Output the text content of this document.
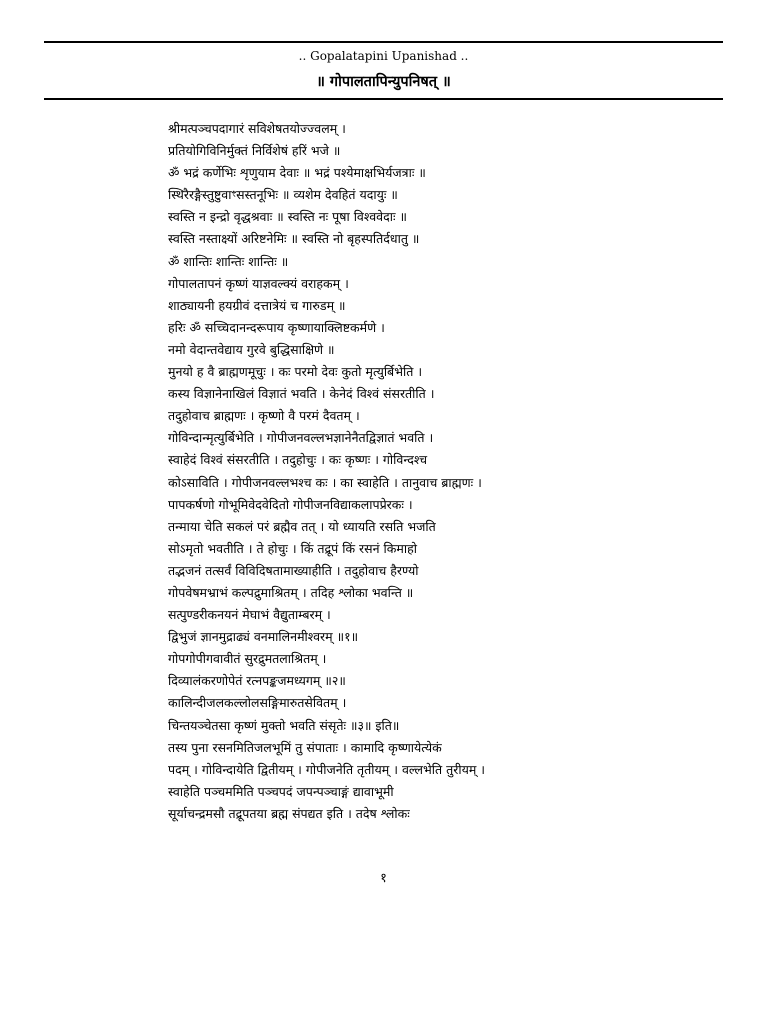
.. Gopalatapini Upanishad ..
॥ गोपालतापिन्युपनिषत् ॥
श्रीमत्पञ्चपदागारं सविशेषतयोज्ज्वलम् ।
प्रतियोगिविनिर्मुक्तं निर्विशेषं हरिं भजे ॥
ॐ भद्रं कर्णेभिः शृणुयाम देवाः ॥ भद्रं पश्येमाक्षभिर्यजत्राः ॥
स्थिरैरङ्गैस्तुष्टुवाꣳसस्तनूभिः ॥ व्यशेम देवहितं यदायुः ॥
स्वस्ति न इन्द्रो वृद्धश्रवाः ॥ स्वस्ति नः पूषा विश्ववेदाः ॥
स्वस्ति नस्ताक्ष्यों अरिष्टनेमिः ॥ स्वस्ति नो बृहस्पतिर्दधातु ॥
ॐ शान्तिः शान्तिः शान्तिः ॥
गोपालतापनं कृष्णं याज्ञवल्क्यं वराहकम् ।
शाठ्यायनी हयग्रीवं दत्तात्रेयं च गारुडम् ॥
हरिः ॐ सच्चिदानन्दरूपाय कृष्णायाक्लिष्टकर्मणे ।
नमो वेदान्तवेद्याय गुरवे बुद्धिसाक्षिणे ॥
मुनयो ह वै ब्राह्मणमूचुः । कः परमो देवः कुतो मृत्युर्बिभेति ।
कस्य विज्ञानेनाखिलं विज्ञातं भवति । केनेदं विश्वं संसरतीति ।
तदुहोवाच ब्राह्मणः । कृष्णो वै परमं दैवतम् ।
गोविन्दान्मृत्युर्बिभेति । गोपीजनवल्लभज्ञानेनैतद्विज्ञातं भवति ।
स्वाहेदं विश्वं संसरतीति । तदुहोचुः । कः कृष्णः । गोविन्दश्च
कोऽसाविति । गोपीजनवल्लभश्च कः । का स्वाहेति । तानुवाच ब्राह्मणः ।
पापकर्षणो गोभूमिवेदवेदितो गोपीजनविद्याकलापप्रेरकः ।
तन्माया चेति सकलं परं ब्रह्मैव तत् । यो ध्यायति रसति भजति
सोऽमृतो भवतीति । ते होचुः । किं तद्रूपं किं रसनं किमाहो
तद्भजनं तत्सर्वं विविदिषतामाख्याहीति । तदुहोवाच हैरण्यो
गोपवेषमभ्राभं कल्पद्रुमाश्रितम् । तदिह श्लोका भवन्ति ॥
सत्पुण्डरीकनयनं मेघाभं वैद्युताम्बरम् ।
द्विभुजं ज्ञानमुद्राढ्यं वनमालिनमीश्वरम् ॥१॥
गोपगोपीगवावीतं सुरद्रुमतलाश्रितम् ।
दिव्यालंकरणोपेतं रत्नपङ्कजमध्यगम् ॥२॥
कालिन्दीजलकल्लोलसङ्गिमारुतसेवितम् ।
चिन्तयञ्चेतसा कृष्णं मुक्तो भवति संसृतेः ॥३॥ इति॥
तस्य पुना रसनमितिजलभूमिं तु संपाताः । कामादि कृष्णायेत्येकं
पदम् । गोविन्दायेति द्वितीयम् । गोपीजनेति तृतीयम् । वल्लभेति तुरीयम् ।
स्वाहेति पञ्चममिति पञ्चपदं जपन्पञ्चाङ्गं द्यावाभूमी
सूर्याचन्द्रमसौ तद्रूपतया ब्रह्म संपद्यत इति । तदेष श्लोकः
१
